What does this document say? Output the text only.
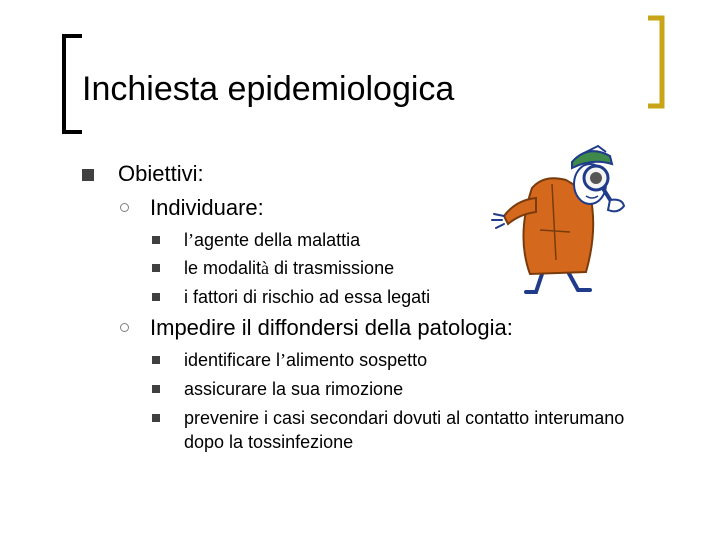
Inchiesta epidemiologica
Obiettivi:
Individuare:
l’agente della malattia
le modalità di trasmissione
i fattori di rischio ad essa legati
Impedire il diffondersi della patologia:
identificare l’alimento sospetto
assicurare la sua rimozione
prevenire i casi secondari dovuti al contatto interumano
dopo la tossinfezione
